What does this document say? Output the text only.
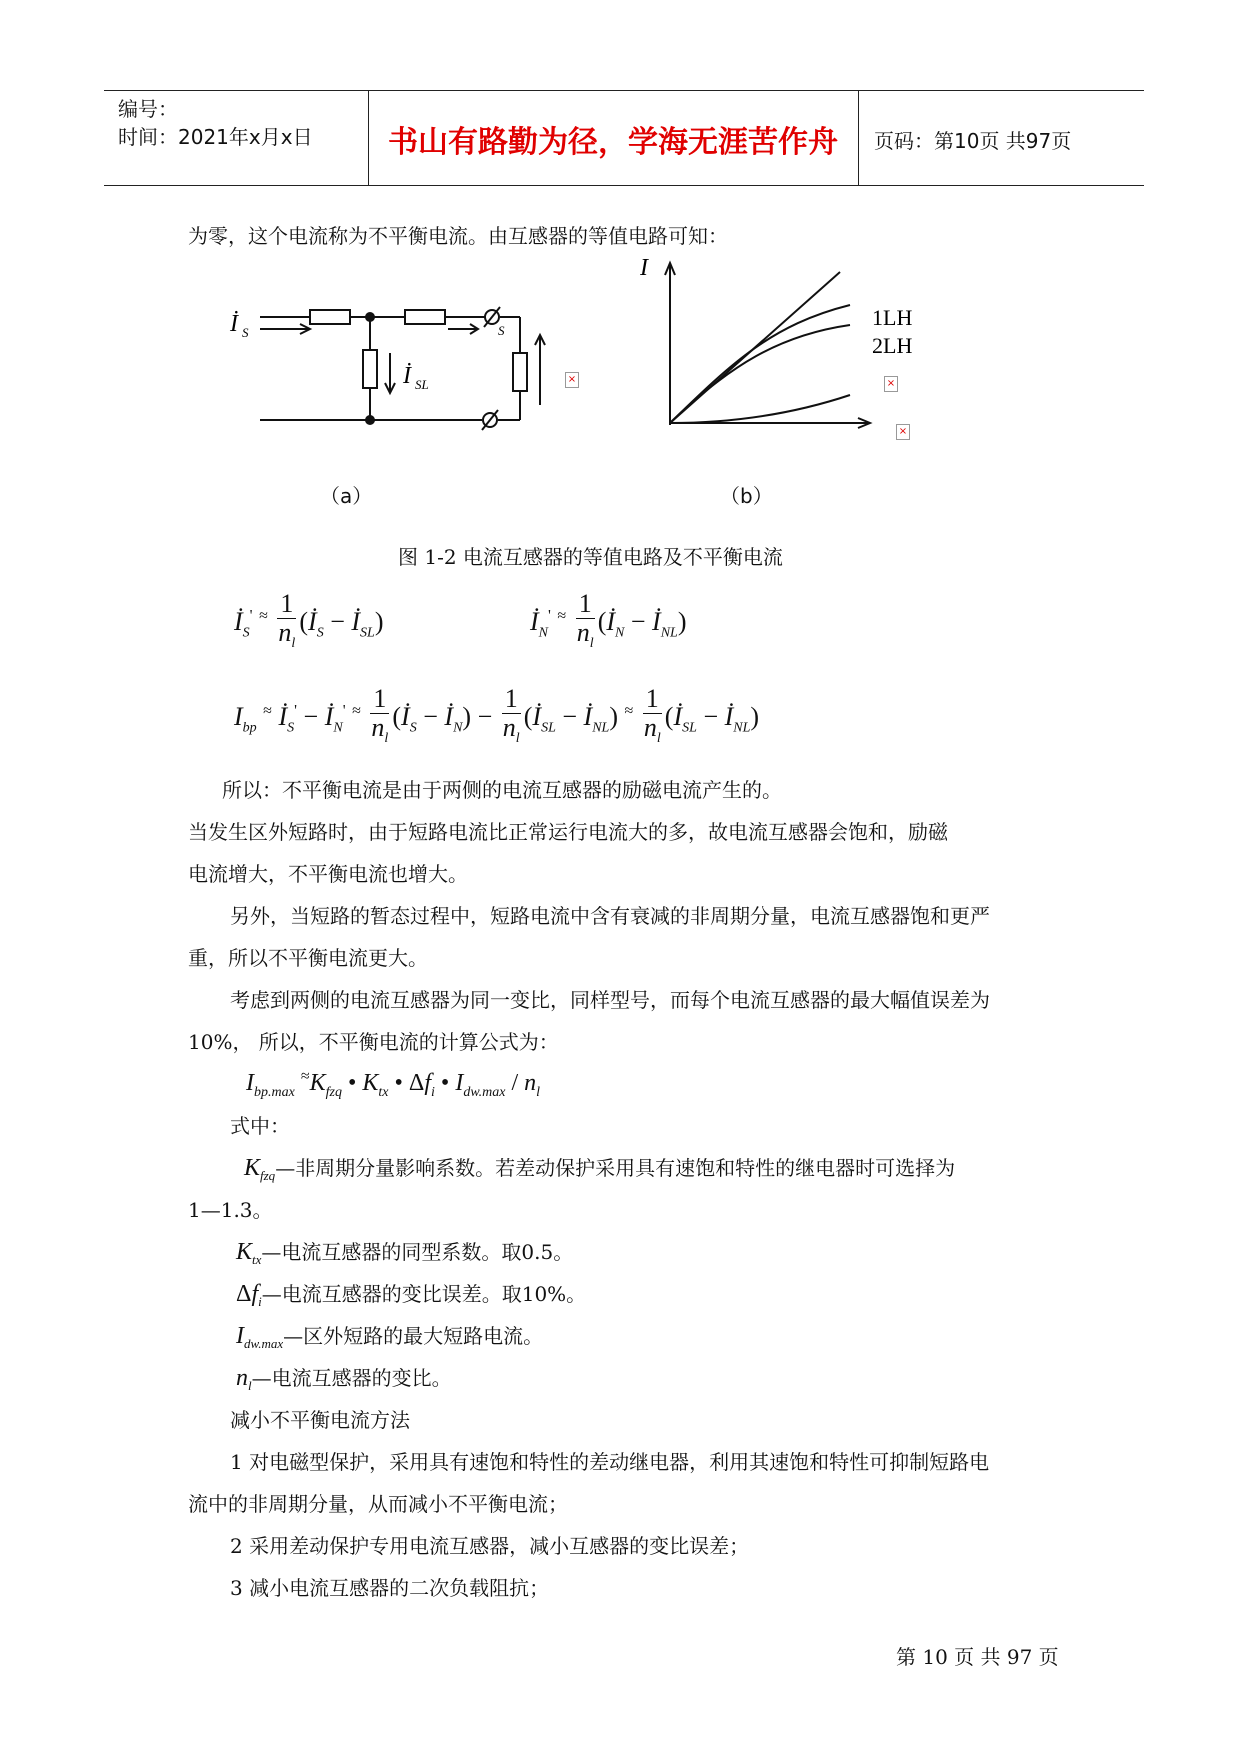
编号：
时间：2021年x月x日	书山有路勤为径，学海无涯苦作舟	页码：第10页 共97页
为零，这个电流称为不平衡电流。由互感器的等值电路可知：
İ S
İ SL
S
×
I
1LH
2LH
×
×
（a）	（b）
图 1-2 电流互感器的等值电路及不平衡电流
$İ_S'$ $^\approx \frac{1}{n_l}$ ($İ_S$ − $İ_{SL}$)	$İ_N'$ $^\approx \frac{1}{n_l}$ ($İ_N$ − $İ_{NL}$)
$I_{bp}$ ≈ $İ_S'$ − $İ_N'$ $^\approx \frac{1}{n_l}$ ($İ_S$ − $İ_N) - \frac{1}{n_l}$ ($İ_{SL}$ − $İ_{NL}$) $^\approx \frac{1}{n_l}$ ($İ_{SL}$ − $İ_{NL}$)
所以：不平衡电流是由于两侧的电流互感器的励磁电流产生的。
当发生区外短路时，由于短路电流比正常运行电流大的多，故电流互感器会饱和，励磁
电流增大，不平衡电流也增大。
另外，当短路的暂态过程中，短路电流中含有衰减的非周期分量，电流互感器饱和更严
重，所以不平衡电流更大。
考虑到两侧的电流互感器为同一变比，同样型号，而每个电流互感器的最大幅值误差为
10%， 所以，不平衡电流的计算公式为：
$I_{bp.max}$ $^\approx K_{fzq}$ • $K_{tx}$ • $\Delta f_i$ • $I_{dw.max} / n_l$
式中：
$K_{fzq}—$非周期分量影响系数。若差动保护采用具有速饱和特性的继电器时可选择为
1—1.3。
$K_{tx}—$电流互感器的同型系数。取0.5。
$\Delta f_i—$电流互感器的变比误差。取10%。
$I_{dw.max}—$区外短路的最大短路电流。
$n_l—$电流互感器的变比。
减小不平衡电流方法
1 对电磁型保护，采用具有速饱和特性的差动继电器，利用其速饱和特性可抑制短路电
流中的非周期分量，从而减小不平衡电流；
2 采用差动保护专用电流互感器，减小互感器的变比误差；
3 减小电流互感器的二次负载阻抗；
第 10 页 共 97 页
